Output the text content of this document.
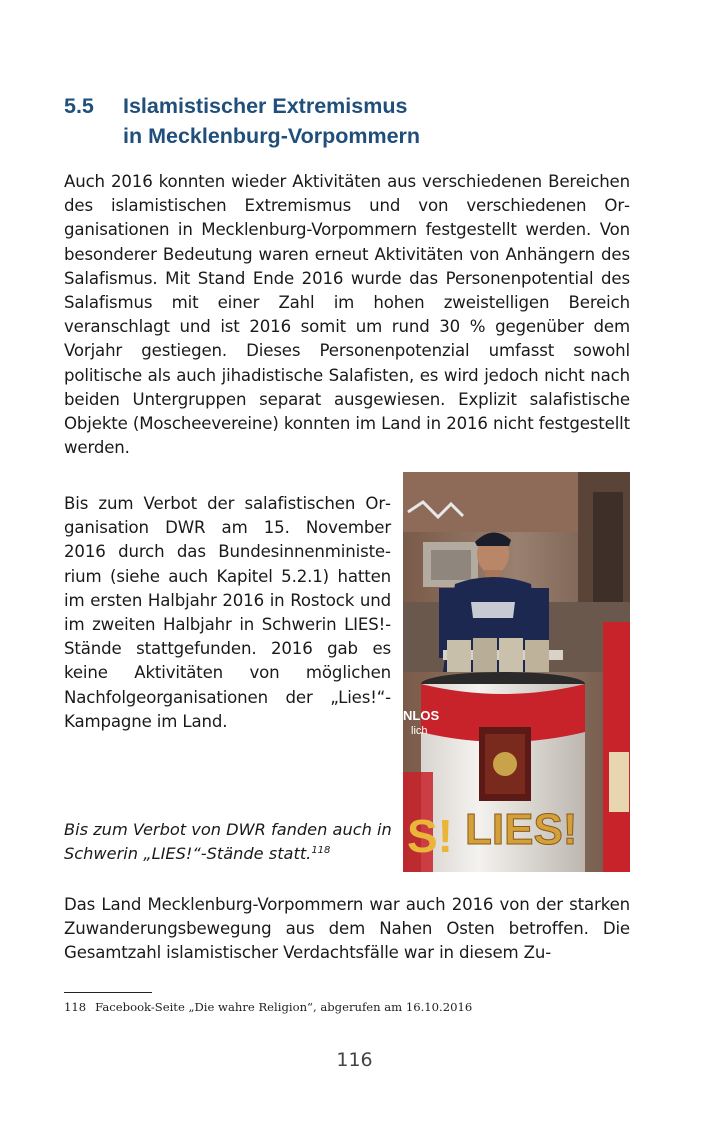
5.5 Islamistischer Extremismus
in Mecklenburg-Vorpommern

Auch 2016 konnten wieder Aktivitäten aus verschiedenen Bereichen des islamistischen Extremismus und von verschiedenen Organisationen in Mecklenburg-Vorpommern festgestellt werden. Von besonderer Bedeutung waren erneut Aktivitäten von Anhängern des Salafismus. Mit Stand Ende 2016 wurde das Personenpotential des Salafismus mit einer Zahl im hohen zweistelligen Bereich veranschlagt und ist 2016 somit um rund 30 % gegenüber dem Vorjahr gestiegen. Dieses Personenpotenzial umfasst sowohl politische als auch jihadistische Salafisten, es wird jedoch nicht nach beiden Untergruppen separat ausgewiesen. Explizit salafistische Objekte (Moscheevereine) konnten im Land in 2016 nicht festgestellt werden.

Bis zum Verbot der salafistischen Organisation DWR am 15. November 2016 durch das Bundesinnenministerium (siehe auch Kapitel 5.2.1) hatten im ersten Halbjahr 2016 in Rostock und im zweiten Halbjahr in Schwerin LIES!-Stände stattgefunden. 2016 gab es keine Aktivitäten von möglichen Nachfolgeorganisationen der „Lies!“-Kampagne im Land.

S!
NLOS
lich
LIES!
Bis zum Verbot von DWR fanden auch in Schwerin „LIES!“-Stände statt.$^{118}$

Das Land Mecklenburg-Vorpommern war auch 2016 von der starken Zuwanderungsbewegung aus dem Nahen Osten betroffen. Die Gesamtzahl islamistischer Verdachtsfälle war in diesem Zu-

118 Facebook-Seite „Die wahre Religion“, abgerufen am 16.10.2016
116
